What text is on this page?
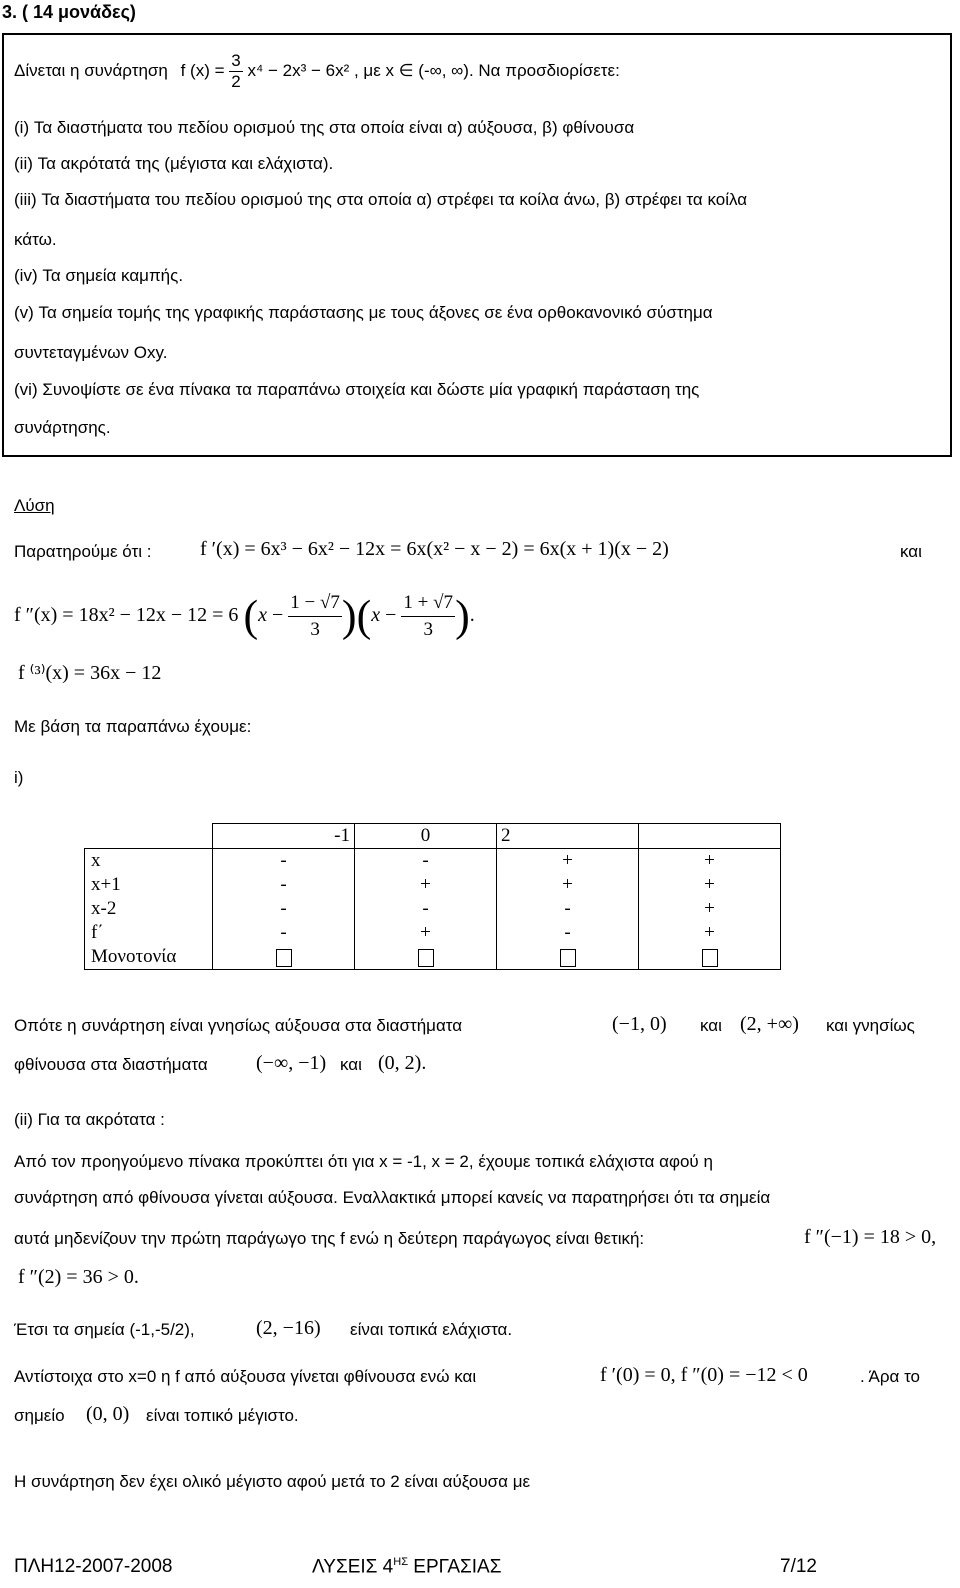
3. ( 14 μονάδες)
Δίνεται η συνάρτηση f $(x) = \frac{3}{2} x^4 - 2x^3 - 6x^2$ , με x ∈ (-∞, ∞). Να προσδιορίσετε:
(i) Τα διαστήματα του πεδίου ορισμού της στα οποία είναι α) αύξουσα, β) φθίνουσα
(ii) Τα ακρότατά της (μέγιστα και ελάχιστα).
(iii) Τα διαστήματα του πεδίου ορισμού της στα οποία α) στρέφει τα κοίλα άνω, β) στρέφει τα κοίλα
κάτω.
(iv) Τα σημεία καμπής.
(v) Τα σημεία τομής της γραφικής παράστασης με τους άξονες σε ένα ορθοκανονικό σύστημα
συντεταγμένων Oxy.
(vi) Συνοψίστε σε ένα πίνακα τα παραπάνω στοιχεία και δώστε μία γραφική παράσταση της
συνάρτησης.
Λύση
Παρατηρούμε ότι : f ′(x) = 6x³ − 6x² − 12x = 6x(x² − x − 2) = 6x(x + 1)(x − 2)	και
f ″(x) = 18x² − 12x − 12 = 6 $(x - \frac{1 - √7}{3} )(x - \frac{1 + √7}{3}$ ).
f ⁽³⁾(x) = 36x − 12
Με βάση τα παραπάνω έχουμε:
i)
	-1	0	2	
x	-	-	+	+
x+1	-	+	+	+
x-2	-	-	-	+
f΄	-	+	-	+
Μονοτονία				
Οπότε η συνάρτηση είναι γνησίως αύξουσα στα διαστήματα	(−1, 0) και (2, +∞) και γνησίως
φθίνουσα στα διαστήματα (−∞, −1) και (0, 2).
(ii) Για τα ακρότατα :
Από τον προηγούμενο πίνακα προκύπτει ότι για x = -1, x = 2, έχουμε τοπικά ελάχιστα αφού η
συνάρτηση από φθίνουσα γίνεται αύξουσα. Εναλλακτικά μπορεί κανείς να παρατηρήσει ότι τα σημεία
αυτά μηδενίζουν την πρώτη παράγωγο της f ενώ η δεύτερη παράγωγος είναι θετική:	f ″(−1) = 18 > 0,
f ″(2) = 36 > 0.
Έτσι τα σημεία (-1,-5/2),	(2, −16) είναι τοπικά ελάχιστα.
Αντίστοιχα στο x=0 η f από αύξουσα γίνεται φθίνουσα ενώ και	f ′(0) = 0, f ″(0) = −12 < 0	. Άρα το
σημείο (0, 0) είναι τοπικό μέγιστο.
Η συνάρτηση δεν έχει ολικό μέγιστο αφού μετά το 2 είναι αύξουσα με
ΠΛΗ12-2007-2008	ΛΥΣΕΙΣ $4^{H\Sigma}$ ΕΡΓΑΣΙΑΣ	7/12
